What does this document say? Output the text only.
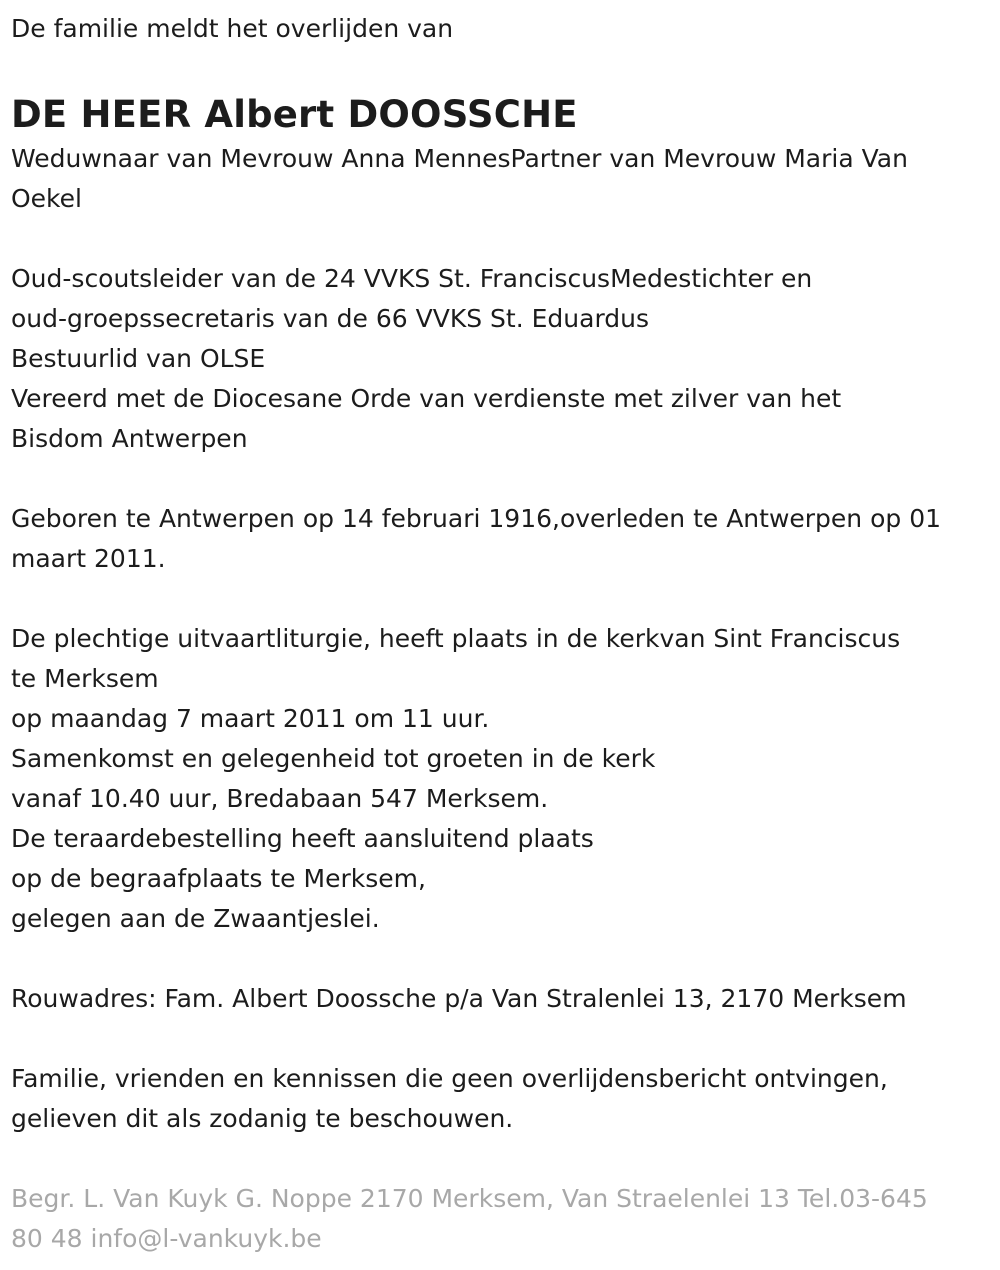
De familie meldt het overlijden van

DE HEER Albert DOOSSCHE
Weduwnaar van Mevrouw Anna MennesPartner van Mevrouw Maria Van
Oekel
Oud-scoutsleider van de 24 VVKS St. FranciscusMedestichter en
oud-groepssecretaris van de 66 VVKS St. Eduardus
Bestuurlid van OLSE
Vereerd met de Diocesane Orde van verdienste met zilver van het
Bisdom Antwerpen
Geboren te Antwerpen op 14 februari 1916,overleden te Antwerpen op 01
maart 2011.
De plechtige uitvaartliturgie, heeft plaats in de kerkvan Sint Franciscus
te Merksem
op maandag 7 maart 2011 om 11 uur.
Samenkomst en gelegenheid tot groeten in de kerk
vanaf 10.40 uur, Bredabaan 547 Merksem.
De teraardebestelling heeft aansluitend plaats
op de begraafplaats te Merksem,
gelegen aan de Zwaantjeslei.
Rouwadres: Fam. Albert Doossche p/a Van Stralenlei 13, 2170 Merksem
Familie, vrienden en kennissen die geen overlijdensbericht ontvingen,
gelieven dit als zodanig te beschouwen.
Begr. L. Van Kuyk G. Noppe 2170 Merksem, Van Straelenlei 13 Tel.03-645
80 48 info@l-vankuyk.be
